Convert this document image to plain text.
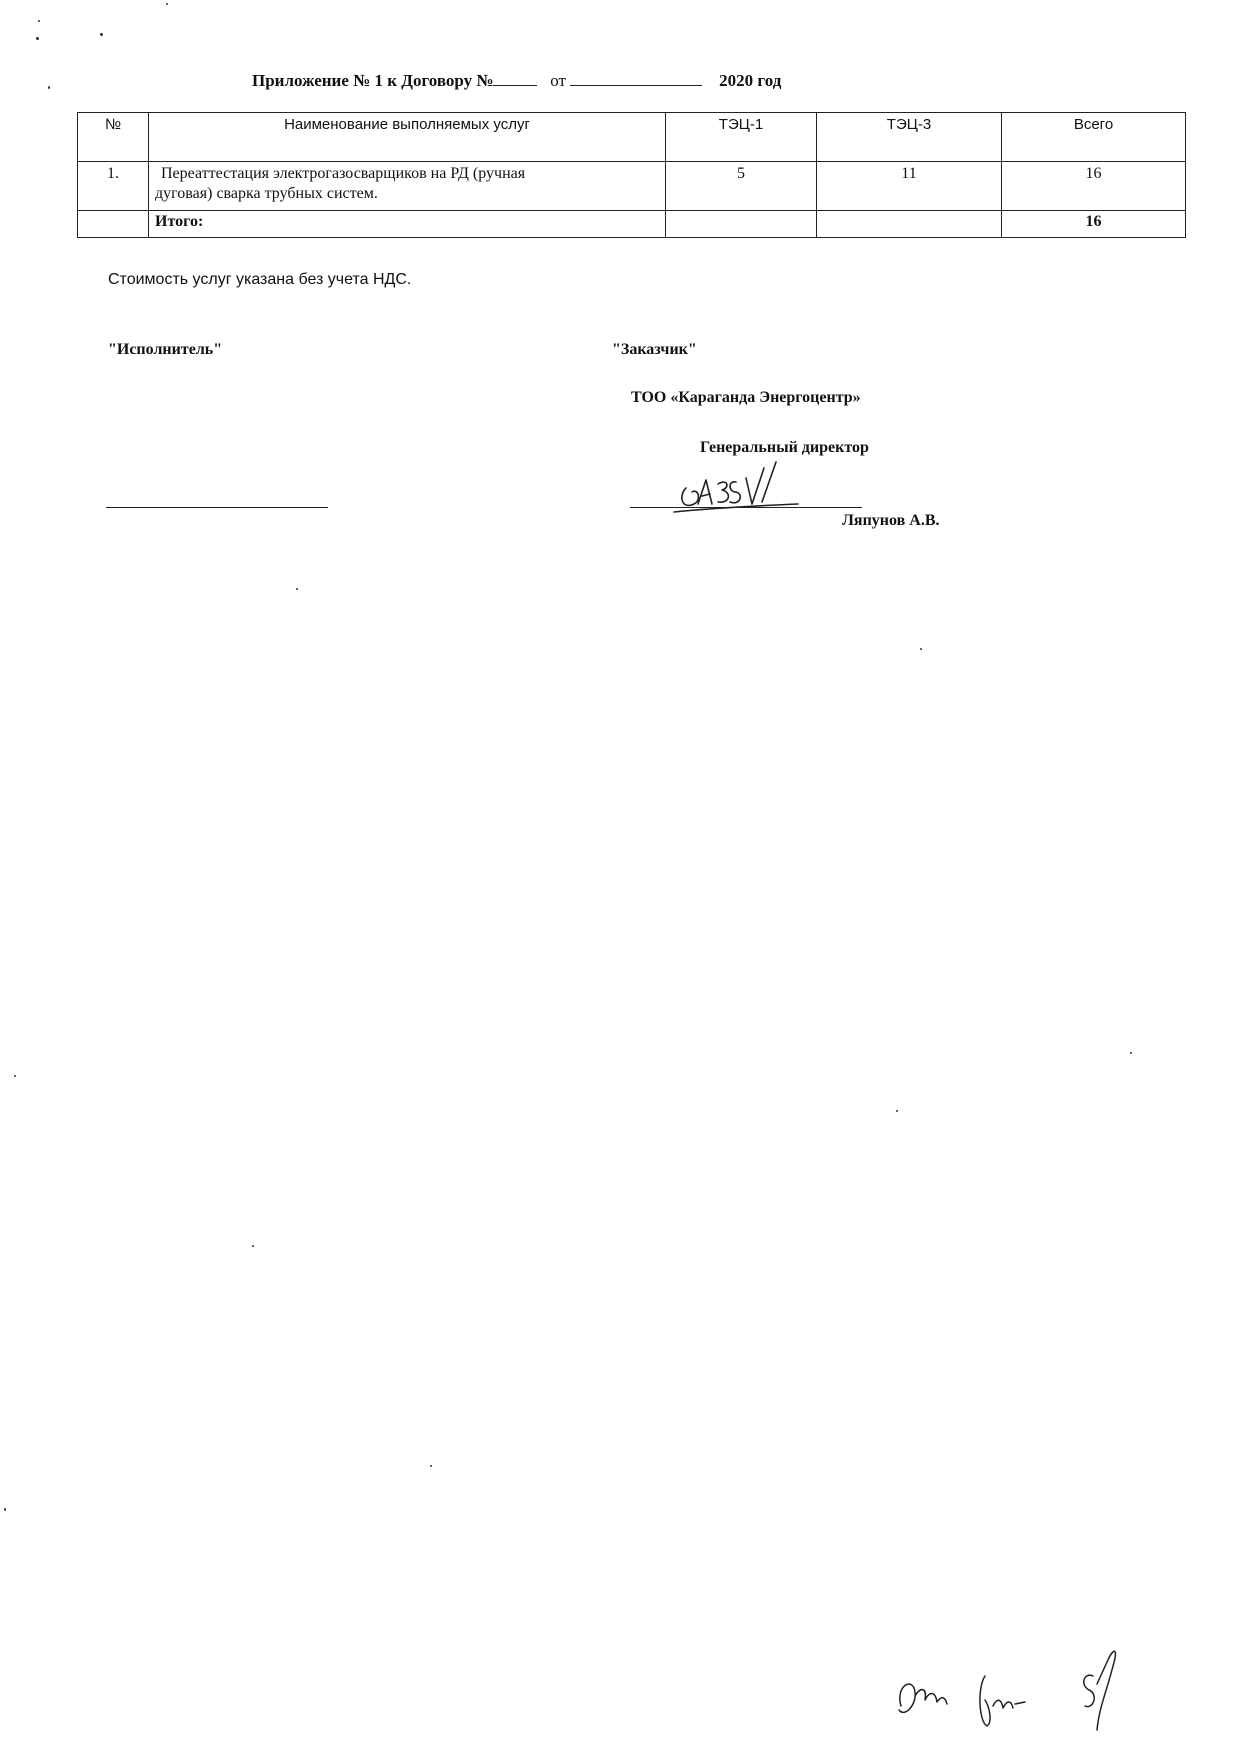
Приложение № 1 к Договору №	от	2020 год
№	Наименование выполняемых услуг	ТЭЦ-1	ТЭЦ-3	Всего
1.	Переаттестация электрогазосварщиков на РД (ручная
дуговая) сварка трубных систем.	5	11	16
	Итого:			16
Стоимость услуг указана без учета НДС.
"Исполнитель"	"Заказчик"
ТОО «Караганда Энергоцентр»
Генеральный директор
Ляпунов А.В.
